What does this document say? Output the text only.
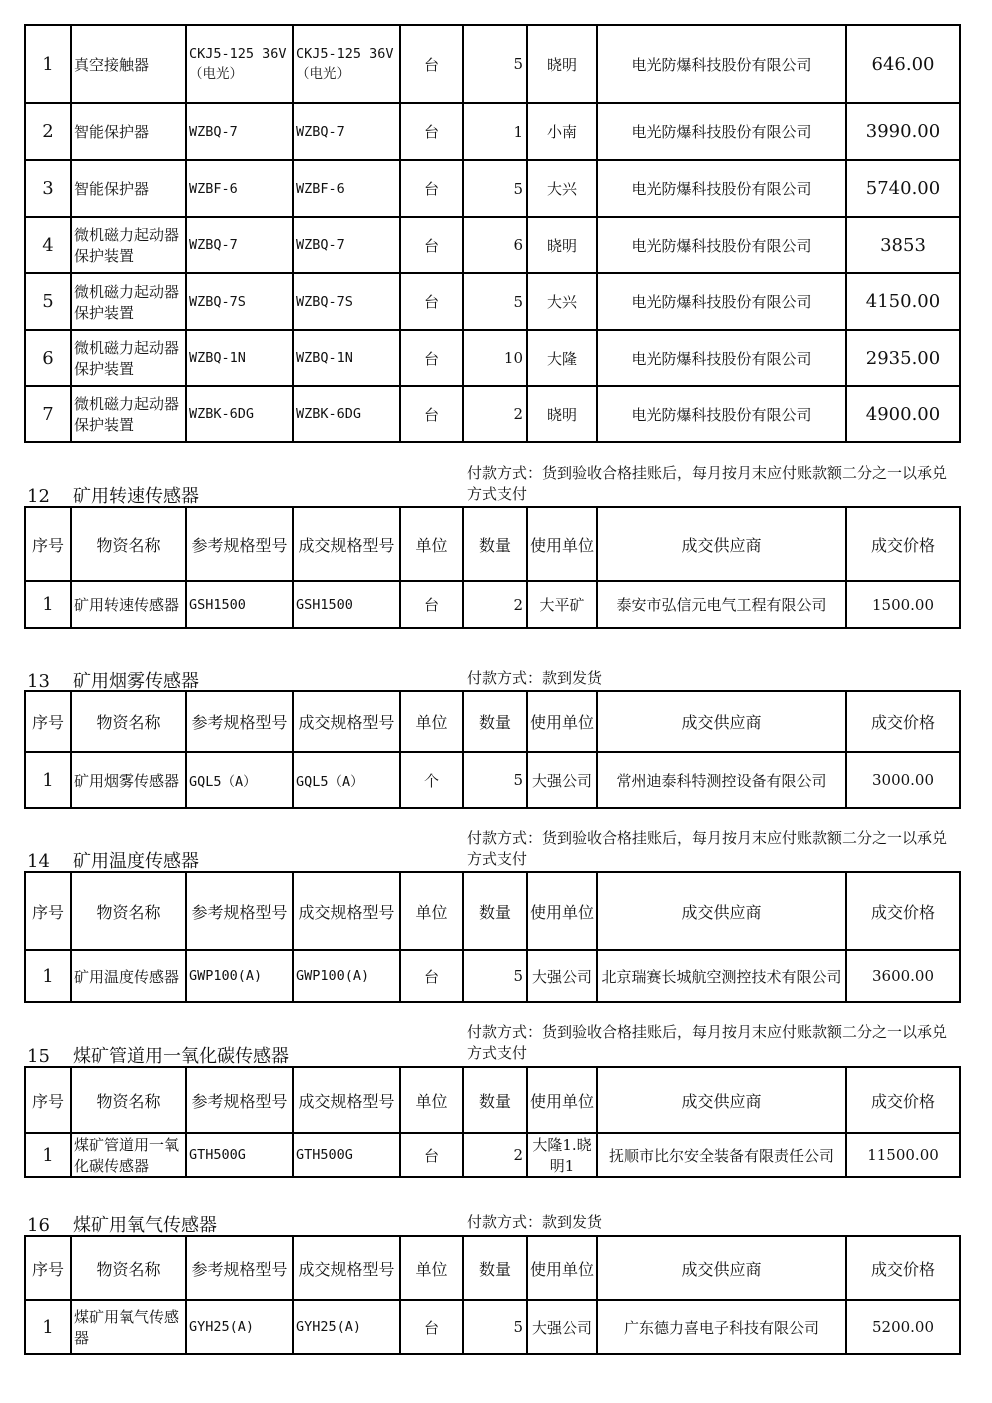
1	真空接触器	CKJ5-125 36V（电光）	CKJ5-125 36V（电光）	台	5	晓明	电光防爆科技股份有限公司	646.00
2	智能保护器	WZBQ-7	WZBQ-7	台	1	小南	电光防爆科技股份有限公司	3990.00
3	智能保护器	WZBF-6	WZBF-6	台	5	大兴	电光防爆科技股份有限公司	5740.00
4	微机磁力起动器保护装置	WZBQ-7	WZBQ-7	台	6	晓明	电光防爆科技股份有限公司	3853
5	微机磁力起动器保护装置	WZBQ-7S	WZBQ-7S	台	5	大兴	电光防爆科技股份有限公司	4150.00
6	微机磁力起动器保护装置	WZBQ-1N	WZBQ-1N	台	10	大隆	电光防爆科技股份有限公司	2935.00
7	微机磁力起动器保护装置	WZBK-6DG	WZBK-6DG	台	2	晓明	电光防爆科技股份有限公司	4900.00
付款方式：货到验收合格挂账后，每月按月末应付账款额二分之一以承兑方式支付
12 矿用转速传感器
序号	物资名称	参考规格型号	成交规格型号	单位	数量	使用单位	成交供应商	成交价格
1	矿用转速传感器	GSH1500	GSH1500	台	2	大平矿	泰安市弘信元电气工程有限公司	1500.00
付款方式：款到发货
13 矿用烟雾传感器
序号	物资名称	参考规格型号	成交规格型号	单位	数量	使用单位	成交供应商	成交价格
1	矿用烟雾传感器	GQL5（A）	GQL5（A）	个	5	大强公司	常州迪泰科特测控设备有限公司	3000.00
付款方式：货到验收合格挂账后，每月按月末应付账款额二分之一以承兑方式支付
14 矿用温度传感器
序号	物资名称	参考规格型号	成交规格型号	单位	数量	使用单位	成交供应商	成交价格
1	矿用温度传感器	GWP100(A)	GWP100(A)	台	5	大强公司	北京瑞赛长城航空测控技术有限公司	3600.00
付款方式：货到验收合格挂账后，每月按月末应付账款额二分之一以承兑方式支付
15 煤矿管道用一氧化碳传感器
序号	物资名称	参考规格型号	成交规格型号	单位	数量	使用单位	成交供应商	成交价格
1	煤矿管道用一氧化碳传感器	GTH500G	GTH500G	台	2	大隆1.晓明1	抚顺市比尔安全装备有限责任公司	11500.00
付款方式：款到发货
16 煤矿用氧气传感器
序号	物资名称	参考规格型号	成交规格型号	单位	数量	使用单位	成交供应商	成交价格
1	煤矿用氧气传感器	GYH25(A)	GYH25(A)	台	5	大强公司	广东德力喜电子科技有限公司	5200.00
